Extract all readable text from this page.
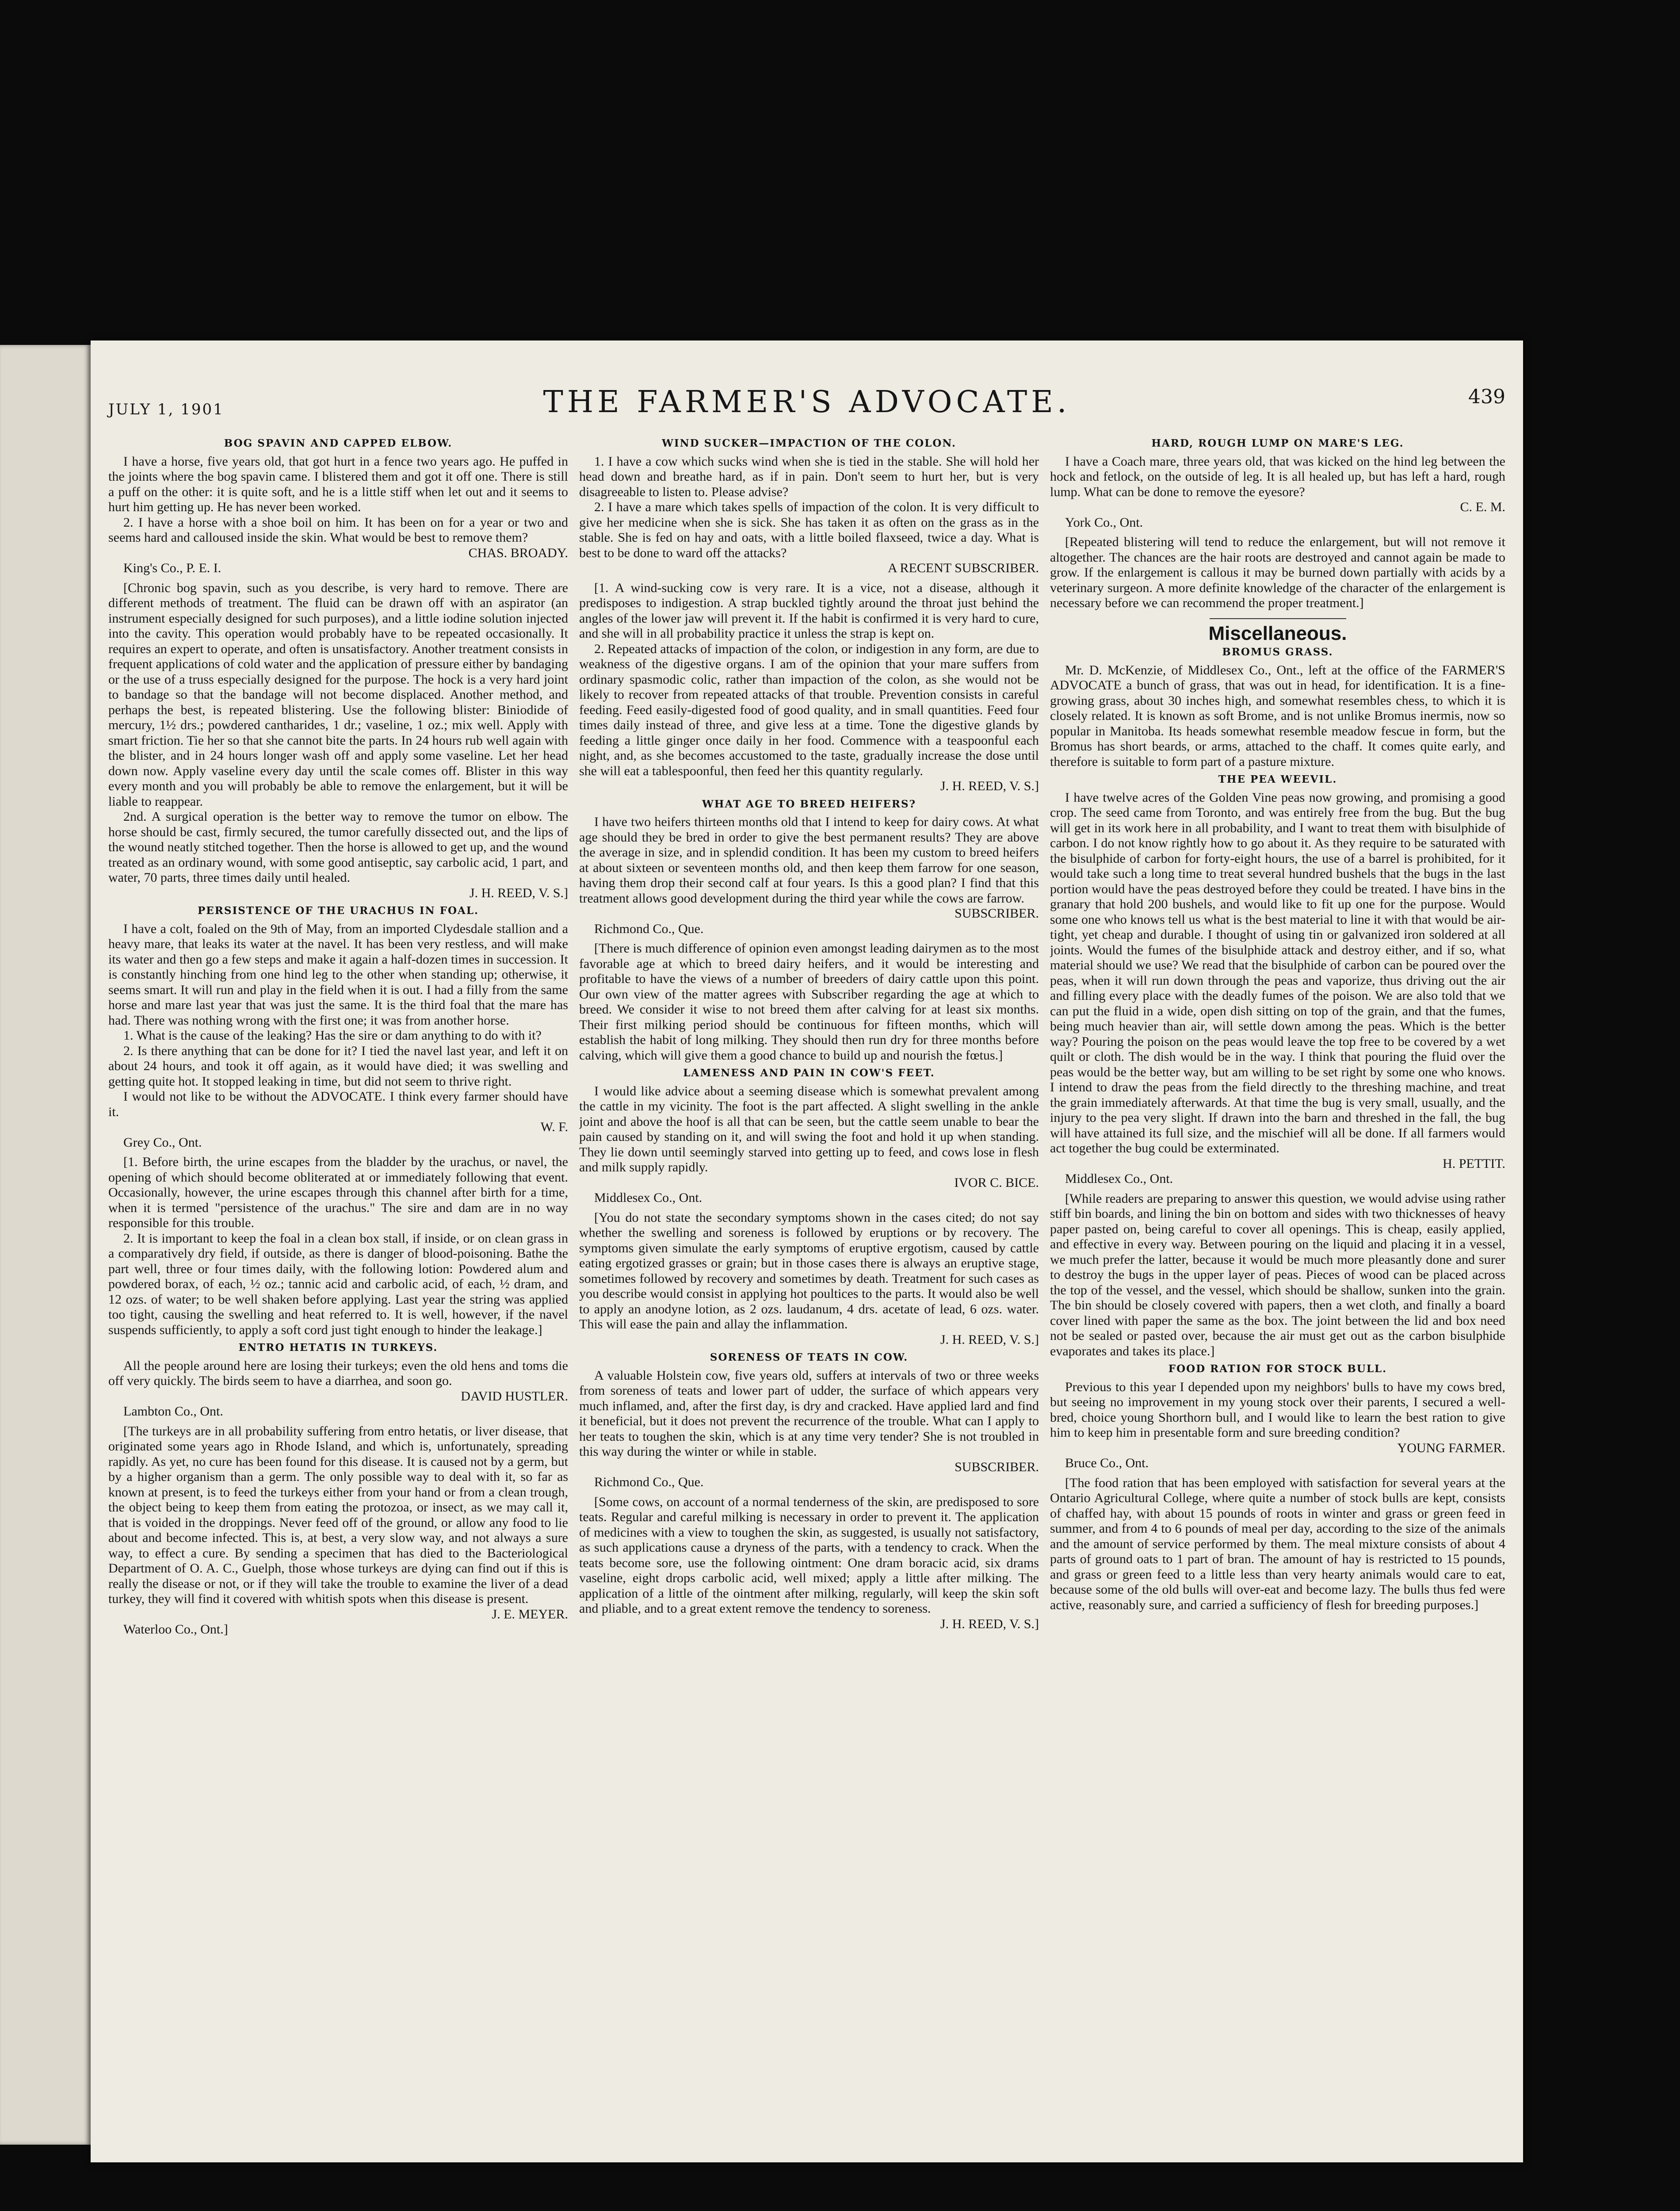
JULY 1, 1901	THE FARMER'S ADVOCATE.	439
BOG SPAVIN AND CAPPED ELBOW.

I have a horse, five years old, that got hurt in a fence two years ago. He puffed in the joints where the bog spavin came. I blistered them and got it off one. There is still a puff on the other: it is quite soft, and he is a little stiff when let out and it seems to hurt him getting up. He has never been worked.

2. I have a horse with a shoe boil on him. It has been on for a year or two and seems hard and calloused inside the skin. What would be best to remove them?

CHAS. BROADY.

King's Co., P. E. I.

[Chronic bog spavin, such as you describe, is very hard to remove. There are different methods of treatment. The fluid can be drawn off with an aspirator (an instrument especially designed for such purposes), and a little iodine solution injected into the cavity. This operation would probably have to be repeated occasionally. It requires an expert to operate, and often is unsatisfactory. Another treatment consists in frequent applications of cold water and the application of pressure either by bandaging or the use of a truss especially designed for the purpose. The hock is a very hard joint to bandage so that the bandage will not become displaced. Another method, and perhaps the best, is repeated blistering. Use the following blister: Biniodide of mercury, 1½ drs.; powdered cantharides, 1 dr.; vaseline, 1 oz.; mix well. Apply with smart friction. Tie her so that she cannot bite the parts. In 24 hours rub well again with the blister, and in 24 hours longer wash off and apply some vaseline. Let her head down now. Apply vaseline every day until the scale comes off. Blister in this way every month and you will probably be able to remove the enlargement, but it will be liable to reappear.

2nd. A surgical operation is the better way to remove the tumor on elbow. The horse should be cast, firmly secured, the tumor carefully dissected out, and the lips of the wound neatly stitched together. Then the horse is allowed to get up, and the wound treated as an ordinary wound, with some good antiseptic, say carbolic acid, 1 part, and water, 70 parts, three times daily until healed.

J. H. REED, V. S.]

PERSISTENCE OF THE URACHUS IN FOAL.

I have a colt, foaled on the 9th of May, from an imported Clydesdale stallion and a heavy mare, that leaks its water at the navel. It has been very restless, and will make its water and then go a few steps and make it again a half-dozen times in succession. It is constantly hinching from one hind leg to the other when standing up; otherwise, it seems smart. It will run and play in the field when it is out. I had a filly from the same horse and mare last year that was just the same. It is the third foal that the mare has had. There was nothing wrong with the first one; it was from another horse.

1. What is the cause of the leaking? Has the sire or dam anything to do with it?

2. Is there anything that can be done for it? I tied the navel last year, and left it on about 24 hours, and took it off again, as it would have died; it was swelling and getting quite hot. It stopped leaking in time, but did not seem to thrive right.

I would not like to be without the ADVOCATE. I think every farmer should have it.

W. F.

Grey Co., Ont.

[1. Before birth, the urine escapes from the bladder by the urachus, or navel, the opening of which should become obliterated at or immediately following that event. Occasionally, however, the urine escapes through this channel after birth for a time, when it is termed "persistence of the urachus." The sire and dam are in no way responsible for this trouble.

2. It is important to keep the foal in a clean box stall, if inside, or on clean grass in a comparatively dry field, if outside, as there is danger of blood-poisoning. Bathe the part well, three or four times daily, with the following lotion: Powdered alum and powdered borax, of each, ½ oz.; tannic acid and carbolic acid, of each, ½ dram, and 12 ozs. of water; to be well shaken before applying. Last year the string was applied too tight, causing the swelling and heat referred to. It is well, however, if the navel suspends sufficiently, to apply a soft cord just tight enough to hinder the leakage.]

ENTRO HETATIS IN TURKEYS.

All the people around here are losing their turkeys; even the old hens and toms die off very quickly. The birds seem to have a diarrhea, and soon go.

DAVID HUSTLER.

Lambton Co., Ont.

[The turkeys are in all probability suffering from entro hetatis, or liver disease, that originated some years ago in Rhode Island, and which is, unfortunately, spreading rapidly. As yet, no cure has been found for this disease. It is caused not by a germ, but by a higher organism than a germ. The only possible way to deal with it, so far as known at present, is to feed the turkeys either from your hand or from a clean trough, the object being to keep them from eating the protozoa, or insect, as we may call it, that is voided in the droppings. Never feed off of the ground, or allow any food to lie about and become infected. This is, at best, a very slow way, and not always a sure way, to effect a cure. By sending a specimen that has died to the Bacteriological Department of O. A. C., Guelph, those whose turkeys are dying can find out if this is really the disease or not, or if they will take the trouble to examine the liver of a dead turkey, they will find it covered with whitish spots when this disease is present.

J. E. MEYER.

Waterloo Co., Ont.]

WIND SUCKER—IMPACTION OF THE COLON.

1. I have a cow which sucks wind when she is tied in the stable. She will hold her head down and breathe hard, as if in pain. Don't seem to hurt her, but is very disagreeable to listen to. Please advise?

2. I have a mare which takes spells of impaction of the colon. It is very difficult to give her medicine when she is sick. She has taken it as often on the grass as in the stable. She is fed on hay and oats, with a little boiled flaxseed, twice a day. What is best to be done to ward off the attacks?

A RECENT SUBSCRIBER.

[1. A wind-sucking cow is very rare. It is a vice, not a disease, although it predisposes to indigestion. A strap buckled tightly around the throat just behind the angles of the lower jaw will prevent it. If the habit is confirmed it is very hard to cure, and she will in all probability practice it unless the strap is kept on.

2. Repeated attacks of impaction of the colon, or indigestion in any form, are due to weakness of the digestive organs. I am of the opinion that your mare suffers from ordinary spasmodic colic, rather than impaction of the colon, as she would not be likely to recover from repeated attacks of that trouble. Prevention consists in careful feeding. Feed easily-digested food of good quality, and in small quantities. Feed four times daily instead of three, and give less at a time. Tone the digestive glands by feeding a little ginger once daily in her food. Commence with a teaspoonful each night, and, as she becomes accustomed to the taste, gradually increase the dose until she will eat a tablespoonful, then feed her this quantity regularly.

J. H. REED, V. S.]

WHAT AGE TO BREED HEIFERS?

I have two heifers thirteen months old that I intend to keep for dairy cows. At what age should they be bred in order to give the best permanent results? They are above the average in size, and in splendid condition. It has been my custom to breed heifers at about sixteen or seventeen months old, and then keep them farrow for one season, having them drop their second calf at four years. Is this a good plan? I find that this treatment allows good development during the third year while the cows are farrow.

SUBSCRIBER.

Richmond Co., Que.

[There is much difference of opinion even amongst leading dairymen as to the most favorable age at which to breed dairy heifers, and it would be interesting and profitable to have the views of a number of breeders of dairy cattle upon this point. Our own view of the matter agrees with Subscriber regarding the age at which to breed. We consider it wise to not breed them after calving for at least six months. Their first milking period should be continuous for fifteen months, which will establish the habit of long milking. They should then run dry for three months before calving, which will give them a good chance to build up and nourish the fœtus.]

LAMENESS AND PAIN IN COW'S FEET.

I would like advice about a seeming disease which is somewhat prevalent among the cattle in my vicinity. The foot is the part affected. A slight swelling in the ankle joint and above the hoof is all that can be seen, but the cattle seem unable to bear the pain caused by standing on it, and will swing the foot and hold it up when standing. They lie down until seemingly starved into getting up to feed, and cows lose in flesh and milk supply rapidly.

IVOR C. BICE.

Middlesex Co., Ont.

[You do not state the secondary symptoms shown in the cases cited; do not say whether the swelling and soreness is followed by eruptions or by recovery. The symptoms given simulate the early symptoms of eruptive ergotism, caused by cattle eating ergotized grasses or grain; but in those cases there is always an eruptive stage, sometimes followed by recovery and sometimes by death. Treatment for such cases as you describe would consist in applying hot poultices to the parts. It would also be well to apply an anodyne lotion, as 2 ozs. laudanum, 4 drs. acetate of lead, 6 ozs. water. This will ease the pain and allay the inflammation.

J. H. REED, V. S.]

SORENESS OF TEATS IN COW.

A valuable Holstein cow, five years old, suffers at intervals of two or three weeks from soreness of teats and lower part of udder, the surface of which appears very much inflamed, and, after the first day, is dry and cracked. Have applied lard and find it beneficial, but it does not prevent the recurrence of the trouble. What can I apply to her teats to toughen the skin, which is at any time very tender? She is not troubled in this way during the winter or while in stable.

SUBSCRIBER.

Richmond Co., Que.

[Some cows, on account of a normal tenderness of the skin, are predisposed to sore teats. Regular and careful milking is necessary in order to prevent it. The application of medicines with a view to toughen the skin, as suggested, is usually not satisfactory, as such applications cause a dryness of the parts, with a tendency to crack. When the teats become sore, use the following ointment: One dram boracic acid, six drams vaseline, eight drops carbolic acid, well mixed; apply a little after milking. The application of a little of the ointment after milking, regularly, will keep the skin soft and pliable, and to a great extent remove the tendency to soreness.

J. H. REED, V. S.]

HARD, ROUGH LUMP ON MARE'S LEG.

I have a Coach mare, three years old, that was kicked on the hind leg between the hock and fetlock, on the outside of leg. It is all healed up, but has left a hard, rough lump. What can be done to remove the eyesore?

C. E. M.

York Co., Ont.

[Repeated blistering will tend to reduce the enlargement, but will not remove it altogether. The chances are the hair roots are destroyed and cannot again be made to grow. If the enlargement is callous it may be burned down partially with acids by a veterinary surgeon. A more definite knowledge of the character of the enlargement is necessary before we can recommend the proper treatment.]

Miscellaneous.
BROMUS GRASS.

Mr. D. McKenzie, of Middlesex Co., Ont., left at the office of the FARMER'S ADVOCATE a bunch of grass, that was out in head, for identification. It is a fine-growing grass, about 30 inches high, and somewhat resembles chess, to which it is closely related. It is known as soft Brome, and is not unlike Bromus inermis, now so popular in Manitoba. Its heads somewhat resemble meadow fescue in form, but the Bromus has short beards, or arms, attached to the chaff. It comes quite early, and therefore is suitable to form part of a pasture mixture.

THE PEA WEEVIL.

I have twelve acres of the Golden Vine peas now growing, and promising a good crop. The seed came from Toronto, and was entirely free from the bug. But the bug will get in its work here in all probability, and I want to treat them with bisulphide of carbon. I do not know rightly how to go about it. As they require to be saturated with the bisulphide of carbon for forty-eight hours, the use of a barrel is prohibited, for it would take such a long time to treat several hundred bushels that the bugs in the last portion would have the peas destroyed before they could be treated. I have bins in the granary that hold 200 bushels, and would like to fit up one for the purpose. Would some one who knows tell us what is the best material to line it with that would be air-tight, yet cheap and durable. I thought of using tin or galvanized iron soldered at all joints. Would the fumes of the bisulphide attack and destroy either, and if so, what material should we use? We read that the bisulphide of carbon can be poured over the peas, when it will run down through the peas and vaporize, thus driving out the air and filling every place with the deadly fumes of the poison. We are also told that we can put the fluid in a wide, open dish sitting on top of the grain, and that the fumes, being much heavier than air, will settle down among the peas. Which is the better way? Pouring the poison on the peas would leave the top free to be covered by a wet quilt or cloth. The dish would be in the way. I think that pouring the fluid over the peas would be the better way, but am willing to be set right by some one who knows. I intend to draw the peas from the field directly to the threshing machine, and treat the grain immediately afterwards. At that time the bug is very small, usually, and the injury to the pea very slight. If drawn into the barn and threshed in the fall, the bug will have attained its full size, and the mischief will all be done. If all farmers would act together the bug could be exterminated.

H. PETTIT.

Middlesex Co., Ont.

[While readers are preparing to answer this question, we would advise using rather stiff bin boards, and lining the bin on bottom and sides with two thicknesses of heavy paper pasted on, being careful to cover all openings. This is cheap, easily applied, and effective in every way. Between pouring on the liquid and placing it in a vessel, we much prefer the latter, because it would be much more pleasantly done and surer to destroy the bugs in the upper layer of peas. Pieces of wood can be placed across the top of the vessel, and the vessel, which should be shallow, sunken into the grain. The bin should be closely covered with papers, then a wet cloth, and finally a board cover lined with paper the same as the box. The joint between the lid and box need not be sealed or pasted over, because the air must get out as the carbon bisulphide evaporates and takes its place.]

FOOD RATION FOR STOCK BULL.

Previous to this year I depended upon my neighbors' bulls to have my cows bred, but seeing no improvement in my young stock over their parents, I secured a well-bred, choice young Shorthorn bull, and I would like to learn the best ration to give him to keep him in presentable form and sure breeding condition?

YOUNG FARMER.

Bruce Co., Ont.

[The food ration that has been employed with satisfaction for several years at the Ontario Agricultural College, where quite a number of stock bulls are kept, consists of chaffed hay, with about 15 pounds of roots in winter and grass or green feed in summer, and from 4 to 6 pounds of meal per day, according to the size of the animals and the amount of service performed by them. The meal mixture consists of about 4 parts of ground oats to 1 part of bran. The amount of hay is restricted to 15 pounds, and grass or green feed to a little less than very hearty animals would care to eat, because some of the old bulls will over-eat and become lazy. The bulls thus fed were active, reasonably sure, and carried a sufficiency of flesh for breeding purposes.]
